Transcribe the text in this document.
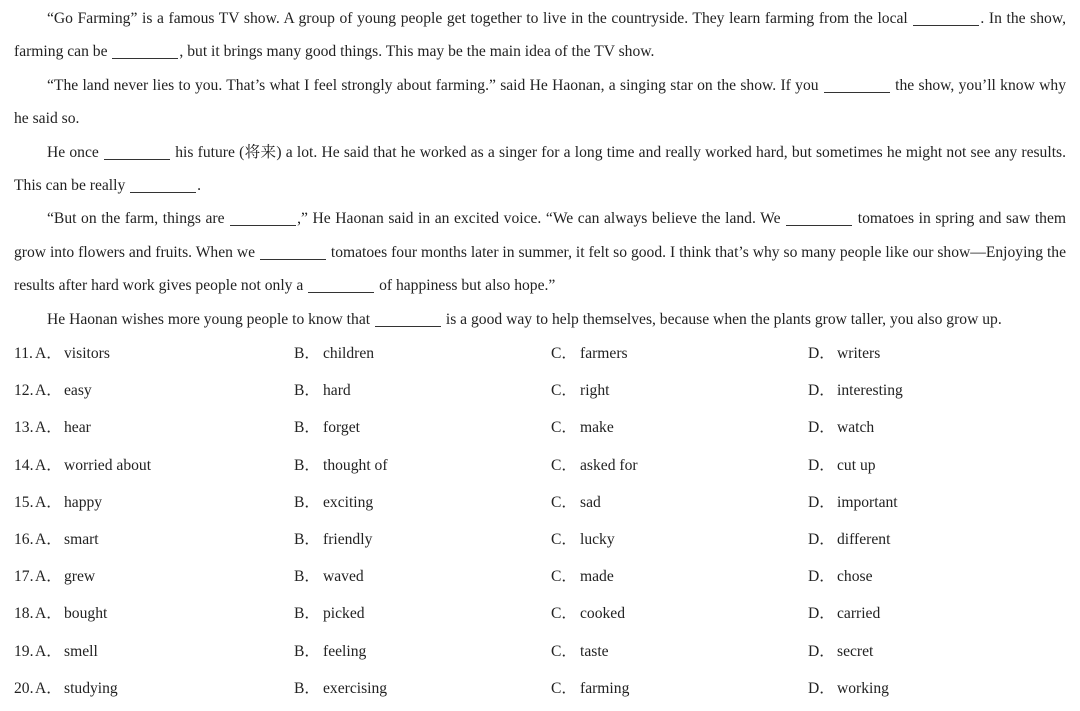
“Go Farming” is a famous TV show. A group of young people get together to live in the countryside. They learn farming from the local	. In the show, farming can be	, but it brings many good things. This may be the main idea of the TV show.

“The land never lies to you. That’s what I feel strongly about farming.” said He Haonan, a singing star on the show. If you	the show, you’ll know why he said so.

He once	his future (将来) a lot. He said that he worked as a singer for a long time and really worked hard, but sometimes he might not see any results. This can be really	.

“But on the farm, things are	,” He Haonan said in an excited voice. “We can always believe the land. We	tomatoes in spring and saw them grow into flowers and fruits. When we	tomatoes four months later in summer, it felt so good. I think that’s why so many people like our show—Enjoying the results after hard work gives people not only a	of happiness but also hope.”

He Haonan wishes more young people to know that	is a good way to help themselves, because when the plants grow taller, you also grow up.

11. A． visitors	B． children	C． farmers	D． writers
12. A． easy	B． hard	C． right	D． interesting
13. A． hear	B． forget	C． make	D． watch
14. A． worried about	B． thought of	C． asked for	D． cut up
15. A． happy	B． exciting	C． sad	D． important
16. A． smart	B． friendly	C． lucky	D． different
17. A． grew	B． waved	C． made	D． chose
18. A． bought	B． picked	C． cooked	D． carried
19. A． smell	B． feeling	C． taste	D． secret
20. A． studying	B． exercising	C． farming	D． working
